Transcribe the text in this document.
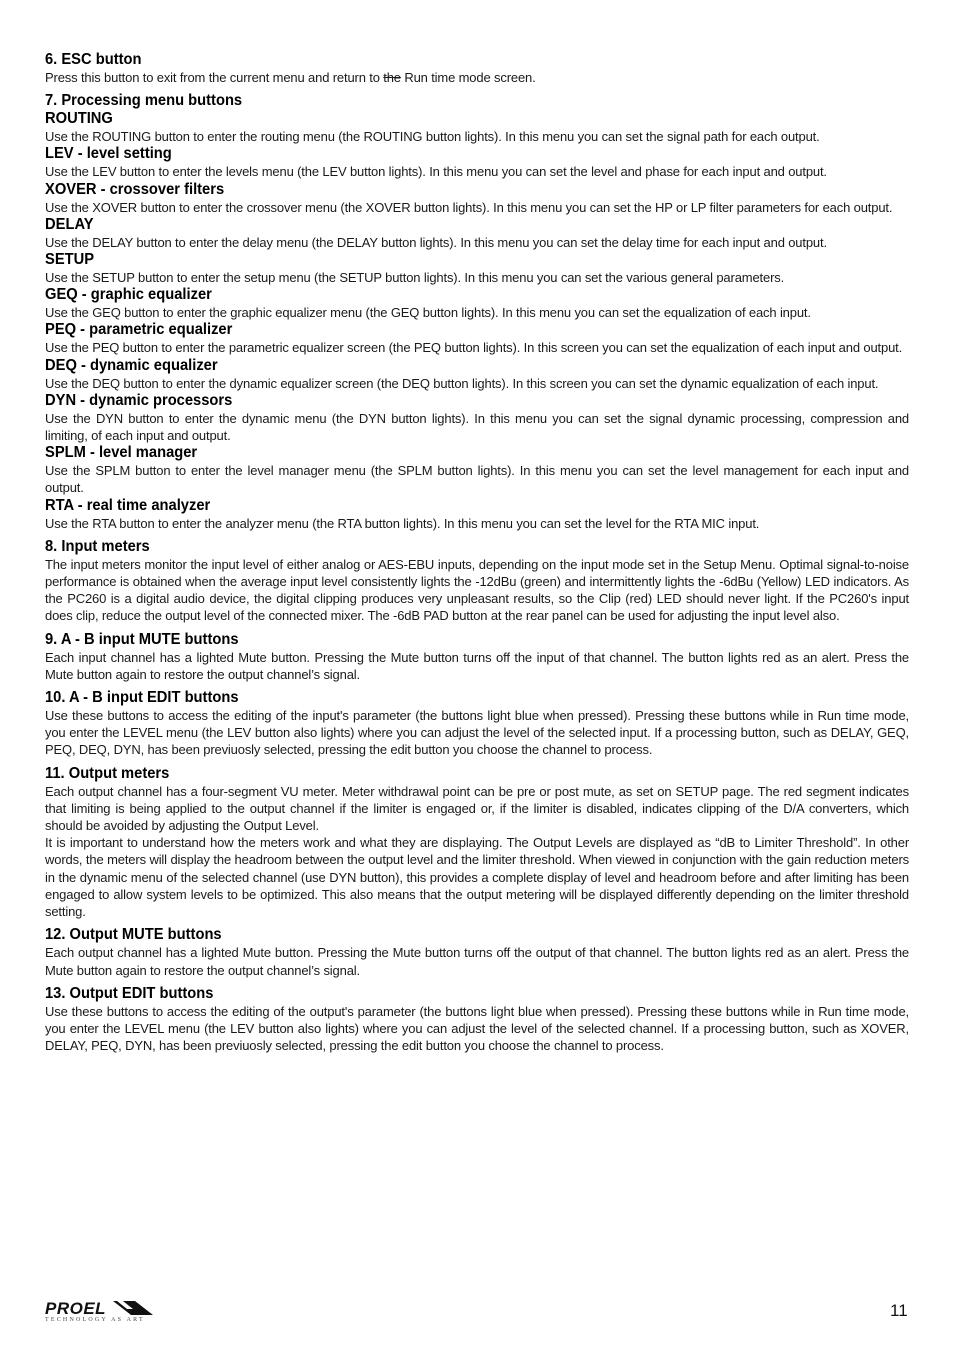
6. ESC button

Press this button to exit from the current menu and return to the Run time mode screen.

7. Processing menu buttons
ROUTING

Use the ROUTING button to enter the routing menu (the ROUTING button lights). In this menu you can set the signal path for each output.

LEV - level setting

Use the LEV button to enter the levels menu (the LEV button lights). In this menu you can set the level and phase for each input and output.

XOVER - crossover filters

Use the XOVER button to enter the crossover menu (the XOVER button lights). In this menu you can set the HP or LP filter parameters for each output.

DELAY

Use the DELAY button to enter the delay menu (the DELAY button lights). In this menu you can set the delay time for each input and output.

SETUP

Use the SETUP button to enter the setup menu (the SETUP button lights). In this menu you can set the various general parameters.

GEQ - graphic equalizer

Use the GEQ button to enter the graphic equalizer menu (the GEQ button lights). In this menu you can set the equalization of each input.

PEQ - parametric equalizer

Use the PEQ button to enter the parametric equalizer screen (the PEQ button lights). In this screen you can set the equalization of each input and output.

DEQ - dynamic equalizer

Use the DEQ button to enter the dynamic equalizer screen (the DEQ button lights). In this screen you can set the dynamic equalization of each input.

DYN - dynamic processors

Use the DYN button to enter the dynamic menu (the DYN button lights). In this menu you can set the signal dynamic processing, compression and limiting, of each input and output.

SPLM - level manager

Use the SPLM button to enter the level manager menu (the SPLM button lights). In this menu you can set the level management for each input and output.

RTA - real time analyzer

Use the RTA button to enter the analyzer menu (the RTA button lights). In this menu you can set the level for the RTA MIC input.

8. Input meters

The input meters monitor the input level of either analog or AES-EBU inputs, depending on the input mode set in the Setup Menu. Optimal signal-to-noise performance is obtained when the average input level consistently lights the -12dBu (green) and intermittently lights the -6dBu (Yellow) LED indicators. As the PC260 is a digital audio device, the digital clipping produces very unpleasant results, so the Clip (red) LED should never light. If the PC260's input does clip, reduce the output level of the connected mixer. The -6dB PAD button at the rear panel can be used for adjusting the input level also.

9. A - B input MUTE buttons

Each input channel has a lighted Mute button. Pressing the Mute button turns off the input of that channel. The button lights red as an alert. Press the Mute button again to restore the output channel’s signal.

10. A - B input EDIT buttons

Use these buttons to access the editing of the input's parameter (the buttons light blue when pressed). Pressing these buttons while in Run time mode, you enter the LEVEL menu (the LEV button also lights) where you can adjust the level of the selected input. If a processing button, such as DELAY, GEQ, PEQ, DEQ, DYN, has been previuosly selected, pressing the edit button you choose the channel to process.

11. Output meters

Each output channel has a four-segment VU meter. Meter withdrawal point can be pre or post mute, as set on SETUP page. The red segment indicates that limiting is being applied to the output channel if the limiter is engaged or, if the limiter is disabled, indicates clipping of the D/A converters, which should be avoided by adjusting the Output Level.

It is important to understand how the meters work and what they are displaying. The Output Levels are displayed as “dB to Limiter Threshold”. In other words, the meters will display the headroom between the output level and the limiter threshold. When viewed in conjunction with the gain reduction meters in the dynamic menu of the selected channel (use DYN button), this provides a complete display of level and headroom before and after limiting has been engaged to allow system levels to be optimized. This also means that the output metering will be displayed differently depending on the limiter threshold setting.

12. Output MUTE buttons

Each output channel has a lighted Mute button. Pressing the Mute button turns off the output of that channel. The button lights red as an alert. Press the Mute button again to restore the output channel’s signal.

13. Output EDIT buttons

Use these buttons to access the editing of the output's parameter (the buttons light blue when pressed). Pressing these buttons while in Run time mode, you enter the LEVEL menu (the LEV button also lights) where you can adjust the level of the selected channel. If a processing button, such as XOVER, DELAY, PEQ, DYN, has been previuosly selected, pressing the edit button you choose the channel to process.

PROEL
TECHNOLOGY AS ART	11
